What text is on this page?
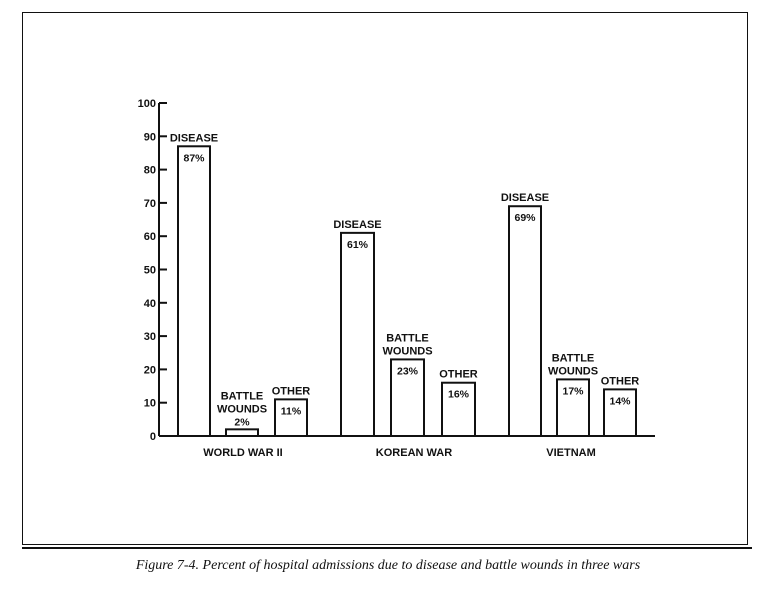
0
10
20
30
40
50
60
70
80
90
100
87%
DISEASE
2%
WOUNDS
BATTLE
11%
OTHER
WORLD WAR II
61%
DISEASE
23%
WOUNDS
BATTLE
16%
OTHER
KOREAN WAR
69%
DISEASE
17%
WOUNDS
BATTLE
14%
OTHER
VIETNAM
Figure 7-4. Percent of hospital admissions due to disease and battle wounds in three wars
